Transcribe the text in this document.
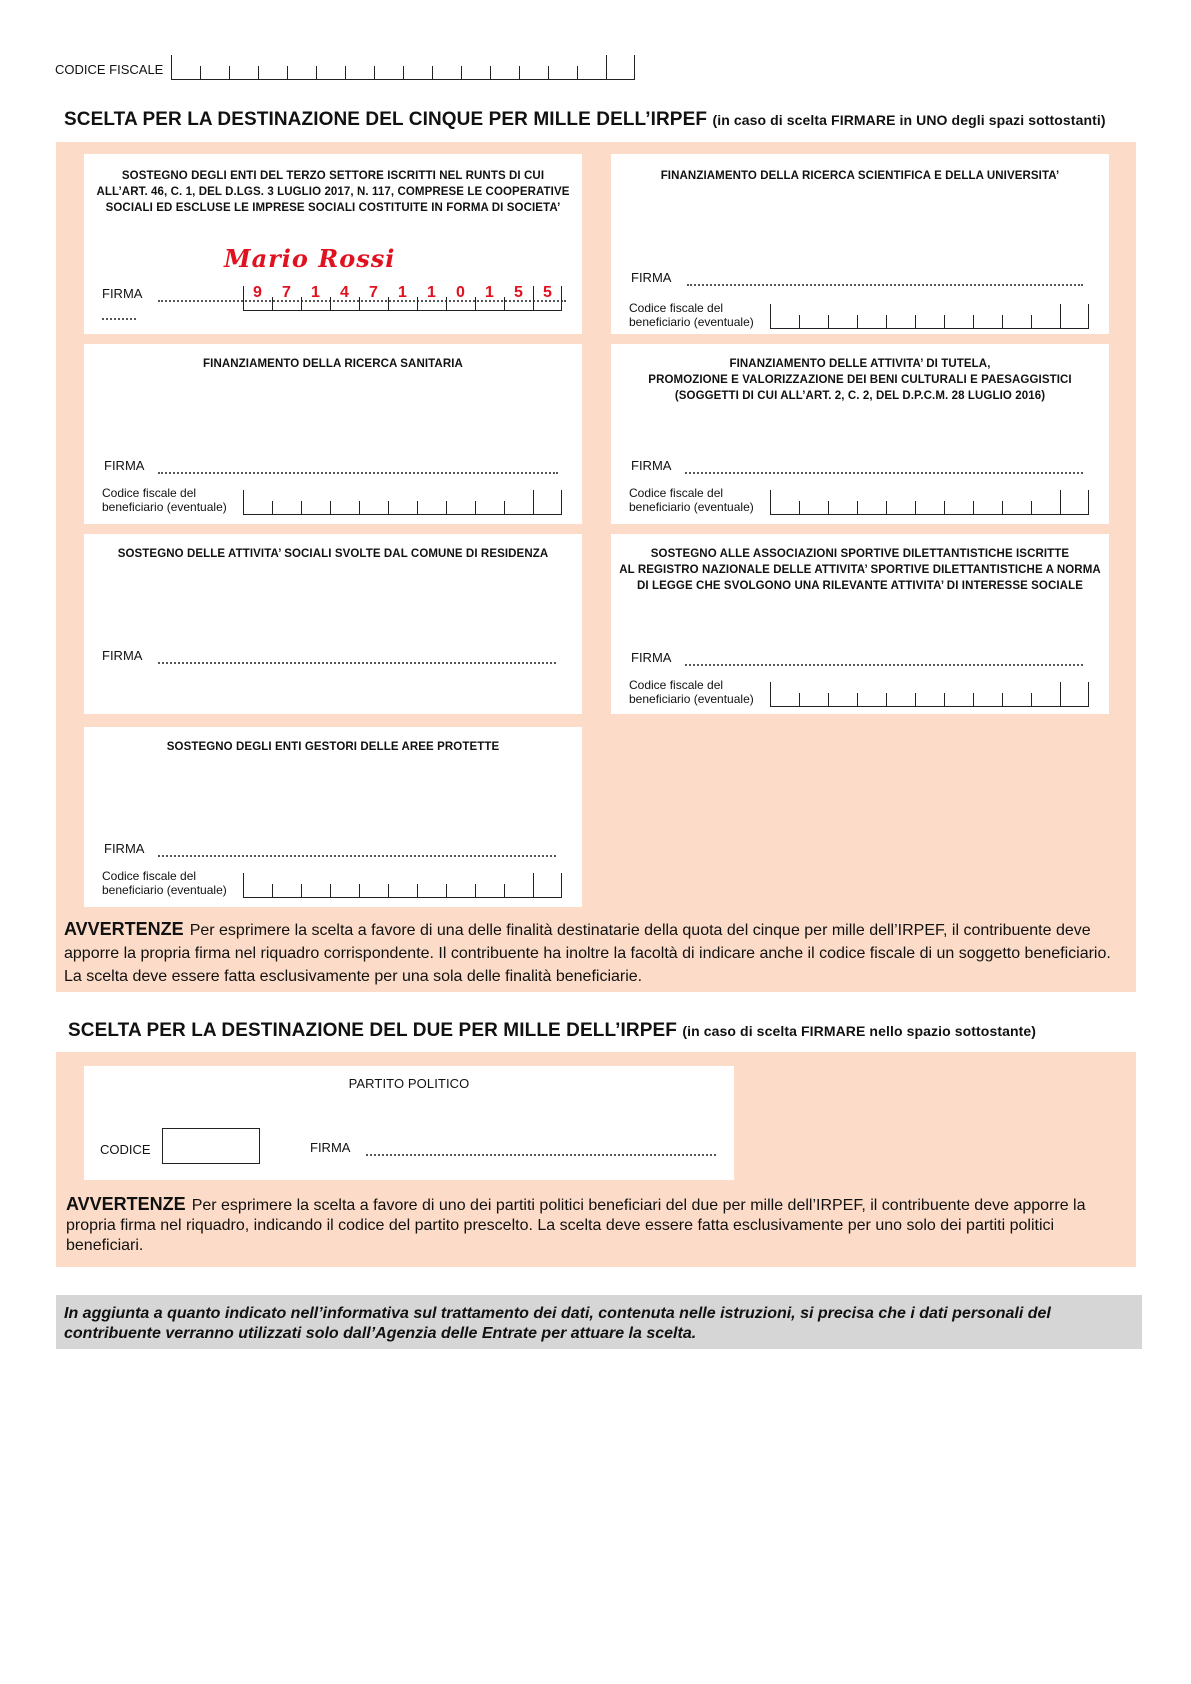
CODICE FISCALE
SCELTA PER LA DESTINAZIONE DEL CINQUE PER MILLE DELL’IRPEF (in caso di scelta FIRMARE in UNO degli spazi sottostanti)
SOSTEGNO DEGLI ENTI DEL TERZO SETTORE ISCRITTI NEL RUNTS DI CUI
ALL’ART. 46, C. 1, DEL D.LGS. 3 LUGLIO 2017, N. 117, COMPRESE LE COOPERATIVE
SOCIALI ED ESCLUSE LE IMPRESE SOCIALI COSTITUITE IN FORMA DI SOCIETA’
Mario Rossi
FIRMA	9	7	1	4	7	1	1	0	1	5	5
FINANZIAMENTO DELLA RICERCA SCIENTIFICA E DELLA UNIVERSITA’
FIRMA
Codice fiscale del
beneficiario (eventuale)
FINANZIAMENTO DELLA RICERCA SANITARIA
FIRMA
Codice fiscale del
beneficiario (eventuale)
FINANZIAMENTO DELLE ATTIVITA’ DI TUTELA,
PROMOZIONE E VALORIZZAZIONE DEI BENI CULTURALI E PAESAGGISTICI
(SOGGETTI DI CUI ALL’ART. 2, C. 2, DEL D.P.C.M. 28 LUGLIO 2016)
FIRMA
Codice fiscale del
beneficiario (eventuale)
SOSTEGNO DELLE ATTIVITA’ SOCIALI SVOLTE DAL COMUNE DI RESIDENZA
FIRMA
SOSTEGNO ALLE ASSOCIAZIONI SPORTIVE DILETTANTISTICHE ISCRITTE
AL REGISTRO NAZIONALE DELLE ATTIVITA’ SPORTIVE DILETTANTISTICHE A NORMA
DI LEGGE CHE SVOLGONO UNA RILEVANTE ATTIVITA’ DI INTERESSE SOCIALE
FIRMA
Codice fiscale del
beneficiario (eventuale)
SOSTEGNO DEGLI ENTI GESTORI DELLE AREE PROTETTE
FIRMA
Codice fiscale del
beneficiario (eventuale)
AVVERTENZE Per esprimere la scelta a favore di una delle finalità destinatarie della quota del cinque per mille dell’IRPEF, il contribuente deve apporre la propria firma nel riquadro corrispondente. Il contribuente ha inoltre la facoltà di indicare anche il codice fiscale di un soggetto beneficiario. La scelta deve essere fatta esclusivamente per una sola delle finalità beneficiarie.
SCELTA PER LA DESTINAZIONE DEL DUE PER MILLE DELL’IRPEF (in caso di scelta FIRMARE nello spazio sottostante)
PARTITO POLITICO
CODICE	FIRMA
AVVERTENZE Per esprimere la scelta a favore di uno dei partiti politici beneficiari del due per mille dell’IRPEF, il contribuente deve apporre la propria firma nel riquadro, indicando il codice del partito prescelto. La scelta deve essere fatta esclusivamente per uno solo dei partiti politici beneficiari.
In aggiunta a quanto indicato nell’informativa sul trattamento dei dati, contenuta nelle istruzioni, si precisa che i dati personali del contribuente verranno utilizzati solo dall’Agenzia delle Entrate per attuare la scelta.
